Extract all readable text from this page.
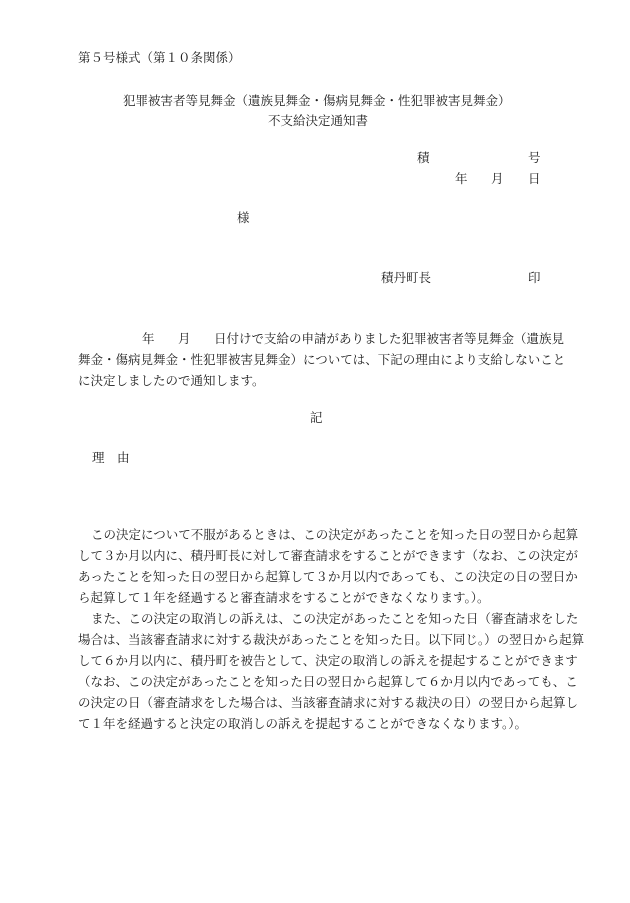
第５号様式（第１０条関係）
犯罪被害者等見舞金（遺族見舞金・傷病見舞金・性犯罪被害見舞金）
不支給決定通知書
積	号
年 月 日
様
積丹町長	印
年 月 日付けで支給の申請がありました犯罪被害者等見舞金（遺族見
舞金・傷病見舞金・性犯罪被害見舞金）については、下記の理由により支給しないこと
に決定しましたので通知します。
記
理　由
この決定について不服があるときは、この決定があったことを知った日の翌日から起算
して３か月以内に、積丹町長に対して審査請求をすることができます（なお、この決定が
あったことを知った日の翌日から起算して３か月以内であっても、この決定の日の翌日か
ら起算して１年を経過すると審査請求をすることができなくなります。）。
また、この決定の取消しの訴えは、この決定があったことを知った日（審査請求をした
場合は、当該審査請求に対する裁決があったことを知った日。以下同じ。）の翌日から起算
して６か月以内に、積丹町を被告として、決定の取消しの訴えを提起することができます
（なお、この決定があったことを知った日の翌日から起算して６か月以内であっても、こ
の決定の日（審査請求をした場合は、当該審査請求に対する裁決の日）の翌日から起算し
て１年を経過すると決定の取消しの訴えを提起することができなくなります。）。
